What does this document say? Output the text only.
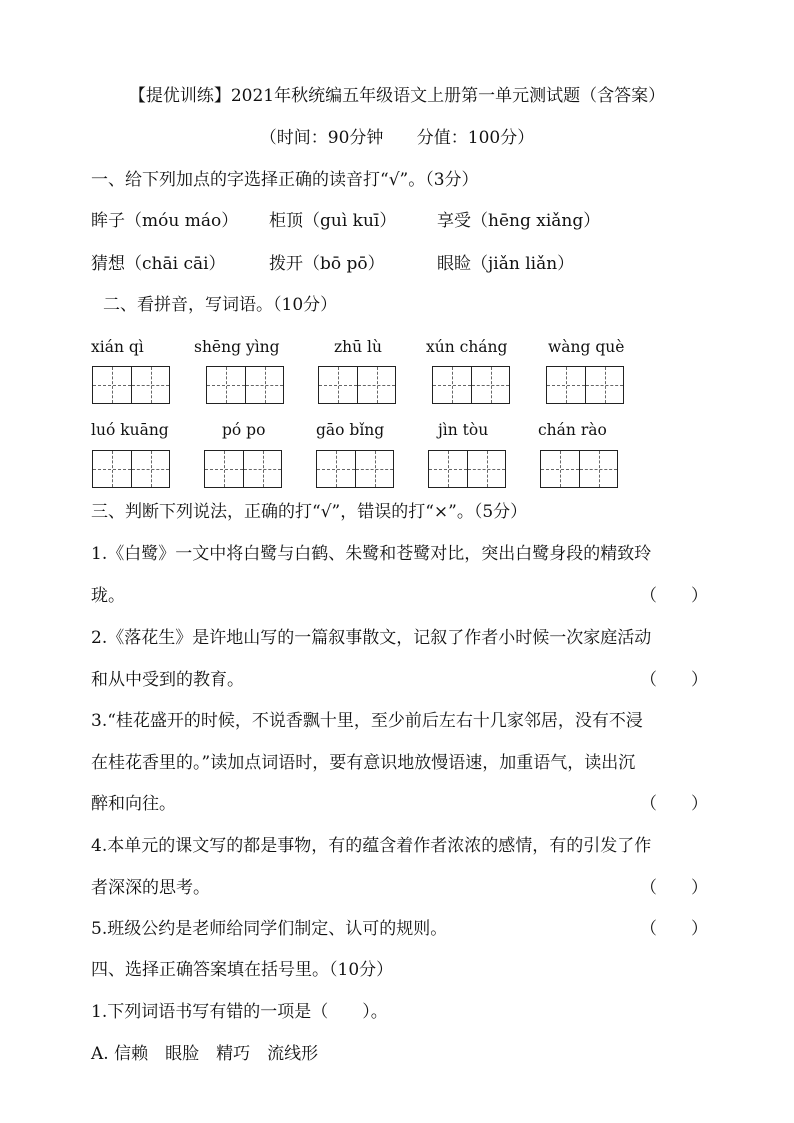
【提优训练】2021年秋统编五年级语文上册第一单元测试题（含答案）
（时间：90分钟 分值：100分）
一、给下列加点的字选择正确的读音打“√”。（3分）
眸子（móu máo） 柜顶（guì kuī） 享受（hēng xiǎng）
猜想（chāi cāi）	拨开（bō pō）	眼睑（jiǎn liǎn）
二、看拼音，写词语。（10分）
xián qì	shēng yìng	zhū lù	xún cháng	wàng què
luó kuāng	pó po	gāo bǐng	jìn tòu	chán rào
三、判断下列说法，正确的打“√”，错误的打“×”。（5分）
1.《白鹭》一文中将白鹭与白鹤、朱鹭和苍鹭对比，突出白鹭身段的精致玲
珑。	（　　）
2.《落花生》是许地山写的一篇叙事散文，记叙了作者小时候一次家庭活动
和从中受到的教育。	（　　）
3.“桂花盛开的时候，不说香飘十里，至少前后左右十几家邻居，没有不浸
在桂花香里的。”读加点词语时，要有意识地放慢语速，加重语气，读出沉
醉和向往。	（　　）
4.本单元的课文写的都是事物，有的蕴含着作者浓浓的感情，有的引发了作
者深深的思考。	（　　）
5.班级公约是老师给同学们制定、认可的规则。	（　　）
四、选择正确答案填在括号里。（10分）
1.下列词语书写有错的一项是（　　）。
A. 信赖　眼脸　精巧　流线形
